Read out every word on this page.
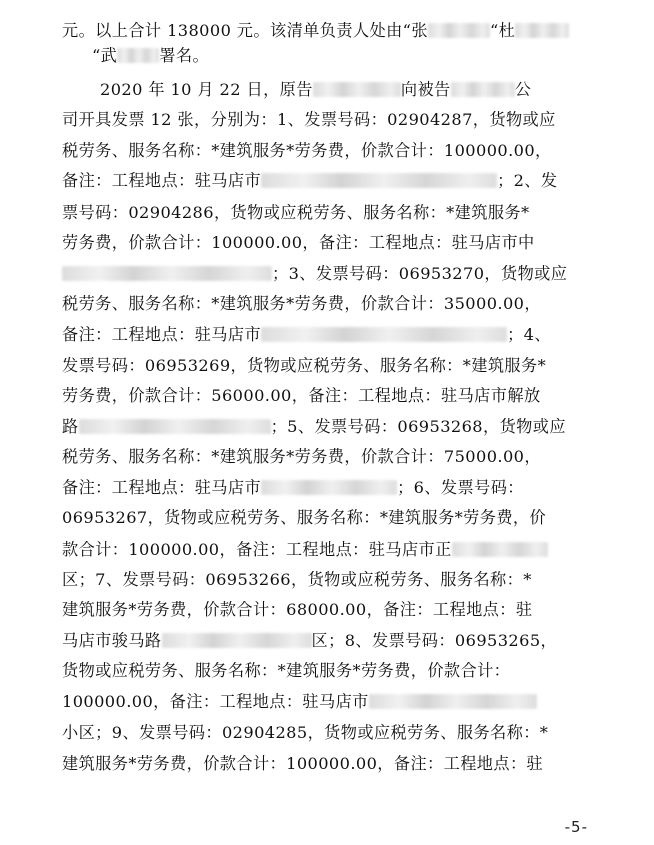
元。以上合计 138000 元。该清单负责人处由“张	“杜
“武	署名。
2020 年 10 月 22 日，原告	向被告	公
司开具发票 12 张，分别为：1、发票号码：02904287，货物或应
税劳务、服务名称：*建筑服务*劳务费，价款合计：100000.00，
备注：工程地点：驻马店市	；2、发
票号码：02904286，货物或应税劳务、服务名称：*建筑服务*
劳务费，价款合计：100000.00，备注：工程地点：驻马店市中
；3、发票号码：06953270，货物或应
税劳务、服务名称：*建筑服务*劳务费，价款合计：35000.00，
备注：工程地点：驻马店市	；4、
发票号码：06953269，货物或应税劳务、服务名称：*建筑服务*
劳务费，价款合计：56000.00，备注：工程地点：驻马店市解放
路	；5、发票号码：06953268，货物或应
税劳务、服务名称：*建筑服务*劳务费，价款合计：75000.00，
备注：工程地点：驻马店市	；6、发票号码：
06953267，货物或应税劳务、服务名称：*建筑服务*劳务费，价
款合计：100000.00，备注：工程地点：驻马店市正
区；7、发票号码：06953266，货物或应税劳务、服务名称：*
建筑服务*劳务费，价款合计：68000.00，备注：工程地点：驻
马店市骏马路	区；8、发票号码：06953265，
货物或应税劳务、服务名称：*建筑服务*劳务费，价款合计：
100000.00，备注：工程地点：驻马店市
小区；9、发票号码：02904285，货物或应税劳务、服务名称：*
建筑服务*劳务费，价款合计：100000.00，备注：工程地点：驻
-5-
